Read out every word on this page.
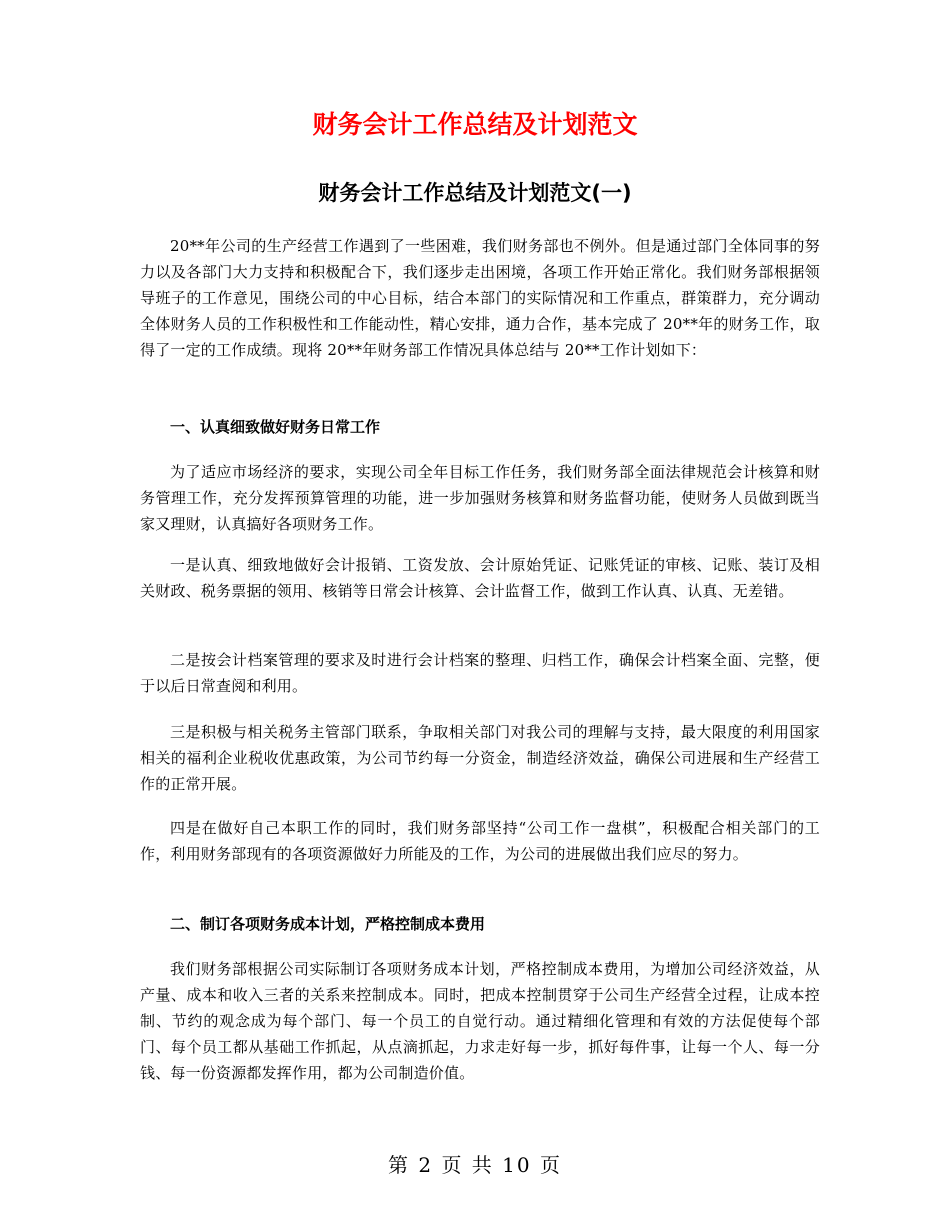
财务会计工作总结及计划范文
财务会计工作总结及计划范文(一)

20**年公司的生产经营工作遇到了一些困难，我们财务部也不例外。但是通过部门全体同事的努力以及各部门大力支持和积极配合下，我们逐步走出困境，各项工作开始正常化。我们财务部根据领导班子的工作意见，围绕公司的中心目标，结合本部门的实际情况和工作重点，群策群力，充分调动全体财务人员的工作积极性和工作能动性，精心安排，通力合作，基本完成了 20**年的财务工作，取得了一定的工作成绩。现将 20**年财务部工作情况具体总结与 20**工作计划如下：

一、认真细致做好财务日常工作

为了适应市场经济的要求，实现公司全年目标工作任务，我们财务部全面法律规范会计核算和财务管理工作，充分发挥预算管理的功能，进一步加强财务核算和财务监督功能，使财务人员做到既当家又理财，认真搞好各项财务工作。

一是认真、细致地做好会计报销、工资发放、会计原始凭证、记账凭证的审核、记账、装订及相关财政、税务票据的领用、核销等日常会计核算、会计监督工作，做到工作认真、认真、无差错。

二是按会计档案管理的要求及时进行会计档案的整理、归档工作，确保会计档案全面、完整，便于以后日常查阅和利用。

三是积极与相关税务主管部门联系，争取相关部门对我公司的理解与支持，最大限度的利用国家相关的福利企业税收优惠政策，为公司节约每一分资金，制造经济效益，确保公司进展和生产经营工作的正常开展。

四是在做好自己本职工作的同时，我们财务部坚持“公司工作一盘棋”，积极配合相关部门的工作，利用财务部现有的各项资源做好力所能及的工作，为公司的进展做出我们应尽的努力。

二、制订各项财务成本计划，严格控制成本费用

我们财务部根据公司实际制订各项财务成本计划，严格控制成本费用，为增加公司经济效益，从产量、成本和收入三者的关系来控制成本。同时，把成本控制贯穿于公司生产经营全过程，让成本控制、节约的观念成为每个部门、每一个员工的自觉行动。通过精细化管理和有效的方法促使每个部门、每个员工都从基础工作抓起，从点滴抓起，力求走好每一步，抓好每件事，让每一个人、每一分钱、每一份资源都发挥作用，都为公司制造价值。

第 2 页 共 10 页
